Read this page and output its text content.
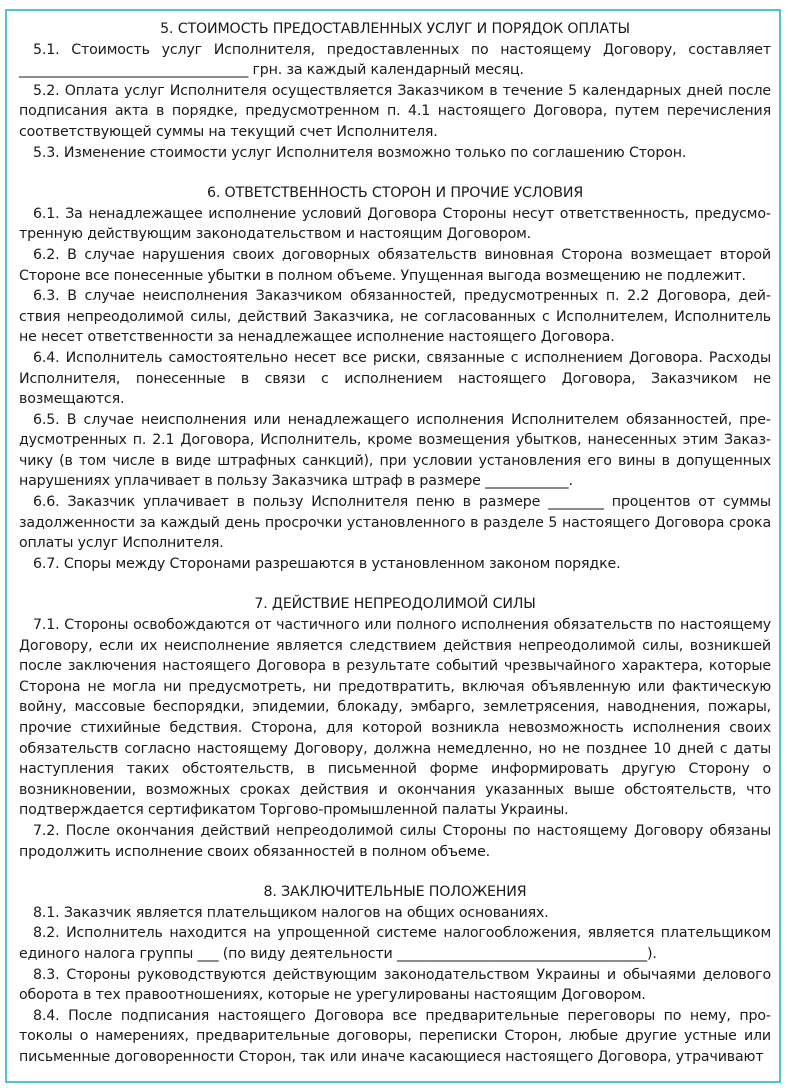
5. СТОИМОСТЬ ПРЕДОСТАВЛЕННЫХ УСЛУГ И ПОРЯДОК ОПЛАТЫ

5.1. Стоимость услуг Исполнителя, предоставленных по настоящему Договору, составляет _________________________________ грн. за каждый календарный месяц.

5.2. Оплата услуг Исполнителя осуществляется Заказчиком в течение 5 календарных дней после подписания акта в порядке, предусмотренном п. 4.1 настоящего Договора, путем перечисления соответствующей суммы на текущий счет Исполнителя.

5.3. Изменение стоимости услуг Исполнителя возможно только по соглашению Сторон.

6. ОТВЕТСТВЕННОСТЬ СТОРОН И ПРОЧИЕ УСЛОВИЯ

6.1. За ненадлежащее исполнение условий Договора Стороны несут ответственность, предусмотренную действующим законодательством и настоящим Договором.

6.2. В случае нарушения своих договорных обязательств виновная Сторона возмещает второй Стороне все понесенные убытки в полном объеме. Упущенная выгода возмещению не подлежит.

6.3. В случае неисполнения Заказчиком обязанностей, предусмотренных п. 2.2 Договора, действия непреодолимой силы, действий Заказчика, не согласованных с Исполнителем, Исполнитель не несет ответственности за ненадлежащее исполнение настоящего Договора.

6.4. Исполнитель самостоятельно несет все риски, связанные с исполнением Договора. Расходы Исполнителя, понесенные в связи с исполнением настоящего Договора, Заказчиком не возмещаются.

6.5. В случае неисполнения или ненадлежащего исполнения Исполнителем обязанностей, предусмотренных п. 2.1 Договора, Исполнитель, кроме возмещения убытков, нанесенных этим Заказчику (в том числе в виде штрафных санкций), при условии установления его вины в допущенных нарушениях уплачивает в пользу Заказчика штраф в размере ____________.

6.6. Заказчик уплачивает в пользу Исполнителя пеню в размере ________ процентов от суммы задолженности за каждый день просрочки установленного в разделе 5 настоящего Договора срока оплаты услуг Исполнителя.

6.7. Споры между Сторонами разрешаются в установленном законом порядке.

7. ДЕЙСТВИЕ НЕПРЕОДОЛИМОЙ СИЛЫ

7.1. Стороны освобождаются от частичного или полного исполнения обязательств по настоящему Договору, если их неисполнение является следствием действия непреодолимой силы, возникшей после заключения настоящего Договора в результате событий чрезвычайного характера, которые Сторона не могла ни предусмотреть, ни предотвратить, включая объявленную или фактическую войну, массовые беспорядки, эпидемии, блокаду, эмбарго, землетрясения, наводнения, пожары, прочие стихийные бедствия. Сторона, для которой возникла невозможность исполнения своих обязательств согласно настоящему Договору, должна немедленно, но не позднее 10 дней с даты наступления таких обстоятельств, в письменной форме информировать другую Сторону о возникновении, возможных сроках действия и окончания указанных выше обстоятельств, что подтверждается сертификатом Торгово-промышленной палаты Украины.

7.2. После окончания действий непреодолимой силы Стороны по настоящему Договору обязаны продолжить исполнение своих обязанностей в полном объеме.

8. ЗАКЛЮЧИТЕЛЬНЫЕ ПОЛОЖЕНИЯ

8.1. Заказчик является плательщиком налогов на общих основаниях.

8.2. Исполнитель находится на упрощенной системе налогообложения, является плательщиком единого налога группы ___ (по виду деятельности ____________________________________).

8.3. Стороны руководствуются действующим законодательством Украины и обычаями делового оборота в тех правоотношениях, которые не урегулированы настоящим Договором.

8.4. После подписания настоящего Договора все предварительные переговоры по нему, протоколы о намерениях, предварительные договоры, переписки Сторон, любые другие устные или письменные договоренности Сторон, так или иначе касающиеся настоящего Договора, утрачивают
